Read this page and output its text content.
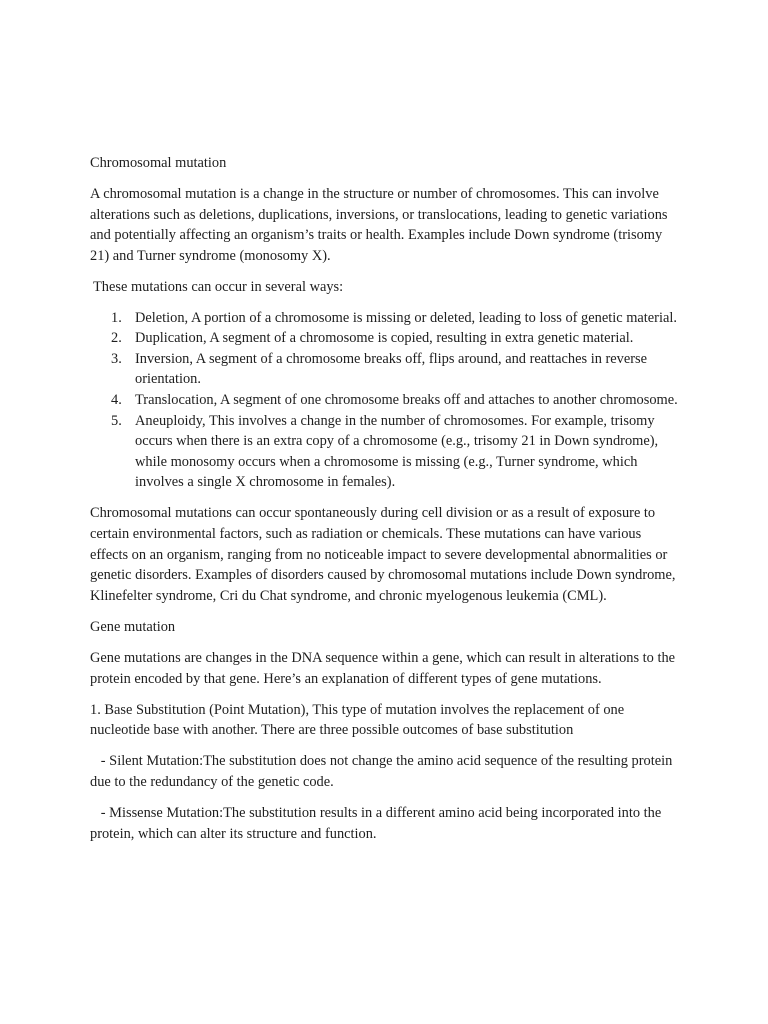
Chromosomal mutation

A chromosomal mutation is a change in the structure or number of chromosomes. This can involve alterations such as deletions, duplications, inversions, or translocations, leading to genetic variations and potentially affecting an organism’s traits or health. Examples include Down syndrome (trisomy 21) and Turner syndrome (monosomy X).

These mutations can occur in several ways:

1. Deletion, A portion of a chromosome is missing or deleted, leading to loss of genetic material.
2. Duplication, A segment of a chromosome is copied, resulting in extra genetic material.
3. Inversion, A segment of a chromosome breaks off, flips around, and reattaches in reverse orientation.
4. Translocation, A segment of one chromosome breaks off and attaches to another chromosome.
5. Aneuploidy, This involves a change in the number of chromosomes. For example, trisomy occurs when there is an extra copy of a chromosome (e.g., trisomy 21 in Down syndrome), while monosomy occurs when a chromosome is missing (e.g., Turner syndrome, which involves a single X chromosome in females).

Chromosomal mutations can occur spontaneously during cell division or as a result of exposure to certain environmental factors, such as radiation or chemicals. These mutations can have various effects on an organism, ranging from no noticeable impact to severe developmental abnormalities or genetic disorders. Examples of disorders caused by chromosomal mutations include Down syndrome, Klinefelter syndrome, Cri du Chat syndrome, and chronic myelogenous leukemia (CML).

Gene mutation

Gene mutations are changes in the DNA sequence within a gene, which can result in alterations to the protein encoded by that gene. Here’s an explanation of different types of gene mutations.

1. Base Substitution (Point Mutation), This type of mutation involves the replacement of one nucleotide base with another. There are three possible outcomes of base substitution

- Silent Mutation:The substitution does not change the amino acid sequence of the resulting protein due to the redundancy of the genetic code.

- Missense Mutation:The substitution results in a different amino acid being incorporated into the protein, which can alter its structure and function.
